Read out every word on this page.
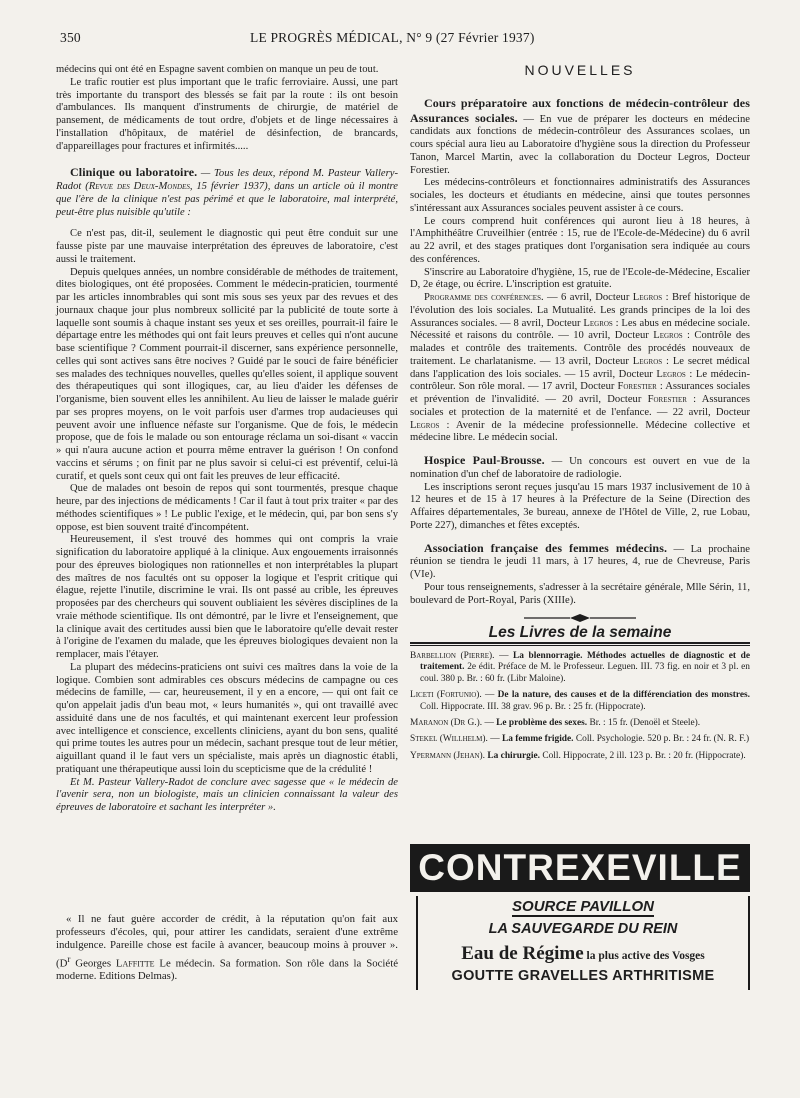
350	LE PROGRÈS MÉDICAL, N° 9 (27 Février 1937)

médecins qui ont été en Espagne savent combien on manque un peu de tout.

Le trafic routier est plus important que le trafic ferroviaire. Aussi, une part très importante du transport des blessés se fait par la route : ils ont besoin d'ambulances. Ils manquent d'instruments de chirurgie, de matériel de pansement, de médicaments de tout ordre, d'objets et de linge nécessaires à l'installation d'hôpitaux, de matériel de désinfection, de brancards, d'appareillages pour fractures et infirmités.....

Clinique ou laboratoire. — Tous les deux, répond M. Pasteur Vallery-Radot (Revue des Deux-Mondes, 15 février 1937), dans un article où il montre que l'ère de la clinique n'est pas périmé et que le laboratoire, mal interprété, peut-être plus nuisible qu'utile :

Ce n'est pas, dit-il, seulement le diagnostic qui peut être conduit sur une fausse piste par une mauvaise interprétation des épreuves de laboratoire, c'est aussi le traitement.

Depuis quelques années, un nombre considérable de méthodes de traitement, dites biologiques, ont été proposées. Comment le médecin-praticien, tourmenté par les articles innombrables qui sont mis sous ses yeux par des revues et des journaux chaque jour plus nombreux sollicité par la publicité de toute sorte à laquelle sont soumis à chaque instant ses yeux et ses oreilles, pourrait-il faire le départage entre les méthodes qui ont fait leurs preuves et celles qui n'ont aucune base scientifique ? Comment pourrait-il discerner, sans expérience personnelle, celles qui sont actives sans être nocives ? Guidé par le souci de faire bénéficier ses malades des techniques nouvelles, quelles qu'elles soient, il applique souvent des thérapeutiques qui sont illogiques, car, au lieu d'aider les défenses de l'organisme, bien souvent elles les annihilent. Au lieu de laisser le malade guérir par ses propres moyens, on le voit parfois user d'armes trop audacieuses qui peuvent avoir une influence néfaste sur l'organisme. Que de fois, le médecin propose, que de fois le malade ou son entourage réclama un soi-disant « vaccin » qui n'aura aucune action et pourra même entraver la guérison ! On confond vaccins et sérums ; on finit par ne plus savoir si celui-ci est préventif, celui-là curatif, et quels sont ceux qui ont fait les preuves de leur efficacité.

Que de malades ont besoin de repos qui sont tourmentés, presque chaque heure, par des injections de médicaments ! Car il faut à tout prix traiter « par des méthodes scientifiques » ! Le public l'exige, et le médecin, qui, par bon sens s'y oppose, est bien souvent traité d'incompétent.

Heureusement, il s'est trouvé des hommes qui ont compris la vraie signification du laboratoire appliqué à la clinique. Aux engouements irraisonnés pour des épreuves biologiques non rationnelles et non interprétables la plupart des maîtres de nos facultés ont su opposer la logique et l'esprit critique qui élague, rejette l'inutile, discrimine le vrai. Ils ont passé au crible, les épreuves proposées par des chercheurs qui souvent oubliaient les sévères disciplines de la vraie méthode scientifique. Ils ont démontré, par le livre et l'enseignement, que la clinique avait des certitudes aussi bien que le laboratoire qu'elle devait rester à l'origine de l'examen du malade, que les épreuves biologiques devaient non la remplacer, mais l'étayer.

La plupart des médecins-praticiens ont suivi ces maîtres dans la voie de la logique. Combien sont admirables ces obscurs médecins de campagne ou ces médecins de famille, — car, heureusement, il y en a encore, — qui ont fait ce qu'on appelait jadis d'un beau mot, « leurs humanités », qui ont travaillé avec assiduité dans une de nos facultés, et qui maintenant exercent leur profession avec intelligence et conscience, excellents cliniciens, ayant du bon sens, qualité qui prime toutes les autres pour un médecin, sachant presque tout de leur métier, aiguillant quand il le faut vers un spécialiste, mais après un diagnostic établi, pratiquant une thérapeutique aussi loin du scepticisme que de la crédulité !

Et M. Pasteur Vallery-Radot de conclure avec sagesse que « le médecin de l'avenir sera, non un biologiste, mais un clinicien connaissant la valeur des épreuves de laboratoire et sachant les interpréter ».

« Il ne faut guère accorder de crédit, à la réputation qu'on fait aux professeurs d'écoles, qui, pour attirer les candidats, seraient d'une extrême indulgence. Pareille chose est facile à avancer, beaucoup moins à prouver ». ($D^r$ Georges Laffitte Le médecin. Sa formation. Son rôle dans la Société moderne. Editions Delmas).

NOUVELLES

Cours préparatoire aux fonctions de médecin-contrôleur des Assurances sociales. — En vue de préparer les docteurs en médecine candidats aux fonctions de médecin-contrôleur des Assurances scolaes, un cours spécial aura lieu au Laboratoire d'hygiène sous la direction du Professeur Tanon, Marcel Martin, avec la collaboration du Docteur Legros, Docteur Forestier.

Les médecins-contrôleurs et fonctionnaires administratifs des Assurances sociales, les docteurs et étudiants en médecine, ainsi que toutes personnes s'intéressant aux Assurances sociales peuvent assister à ce cours.

Le cours comprend huit conférences qui auront lieu à 18 heures, à l'Amphithéâtre Cruveilhier (entrée : 15, rue de l'Ecole-de-Médecine) du 6 avril au 22 avril, et des stages pratiques dont l'organisation sera indiquée au cours des conférences.

S'inscrire au Laboratoire d'hygiène, 15, rue de l'Ecole-de-Médecine, Escalier D, 2e étage, ou écrire. L'inscription est gratuite.

Programme des conférences. — 6 avril, Docteur Legros : Bref historique de l'évolution des lois sociales. La Mutualité. Les grands principes de la loi des Assurances sociales. — 8 avril, Docteur Legros : Les abus en médecine sociale. Nécessité et raisons du contrôle. — 10 avril, Docteur Legros : Contrôle des malades et contrôle des traitements. Contrôle des procédés nouveaux de traitement. Le charlatanisme. — 13 avril, Docteur Legros : Le secret médical dans l'application des lois sociales. — 15 avril, Docteur Legros : Le médecin-contrôleur. Son rôle moral. — 17 avril, Docteur Forestier : Assurances sociales et prévention de l'invalidité. — 20 avril, Docteur Forestier : Assurances sociales et protection de la maternité et de l'enfance. — 22 avril, Docteur Legros : Avenir de la médecine professionnelle. Médecine collective et médecine libre. Le médecin social.

Hospice Paul-Brousse. — Un concours est ouvert en vue de la nomination d'un chef de laboratoire de radiologie.

Les inscriptions seront reçues jusqu'au 15 mars 1937 inclusivement de 10 à 12 heures et de 15 à 17 heures à la Préfecture de la Seine (Direction des Affaires départementales, 3e bureau, annexe de l'Hôtel de Ville, 2, rue Lobau, Porte 227), dimanches et fêtes exceptés.

Association française des femmes médecins. — La prochaine réunion se tiendra le jeudi 11 mars, à 17 heures, 4, rue de Chevreuse, Paris (VIe).

Pour tous renseignements, s'adresser à la secrétaire générale, Mlle Sérin, 11, boulevard de Port-Royal, Paris (XIIIe).

Les Livres de la semaine

Barbellion (Pierre). — La blennorragie. Méthodes actuelles de diagnostic et de traitement. 2e édit. Préface de M. le Professeur. Leguen. III. 73 fig. en noir et 3 pl. en coul. 380 p. Br. : 60 fr. (Libr Maloine).

Liceti (Fortunio). — De la nature, des causes et de la différenciation des monstres. Coll. Hippocrate. III. 38 grav. 96 p. Br. : 25 fr. (Hippocrate).

Maranon (Dr G.). — Le problème des sexes. Br. : 15 fr. (Denoël et Steele).

Stekel (Willhelm). — La femme frigide. Coll. Psychologie. 520 p. Br. : 24 fr. (N. R. F.)

Ypermann (Jehan). La chirurgie. Coll. Hippocrate, 2 ill. 123 p. Br. : 20 fr. (Hippocrate).

CONTREXEVILLE
SOURCE PAVILLON
LA SAUVEGARDE DU REIN
Eau de Régime la plus active des Vosges
GOUTTE GRAVELLES ARTHRITISME
